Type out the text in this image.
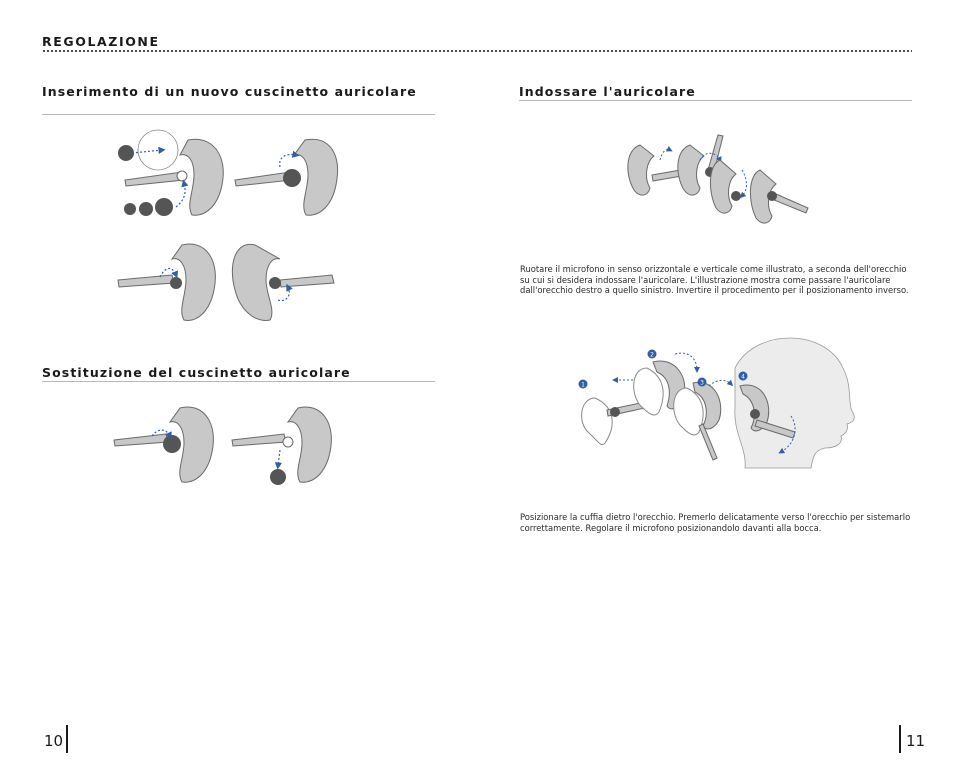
REGOLAZIONE
Inserimento di un nuovo cuscinetto auricolare
Sostituzione del cuscinetto auricolare
Indossare l'auricolare
Ruotare il microfono in senso orizzontale e verticale come illustrato, a seconda dell'orecchio su cui si desidera indossare l'auricolare. L'illustrazione mostra come passare l'auricolare dall'orecchio destro a quello sinistro. Invertire il procedimento per il posizionamento inverso.
Posizionare la cuffia dietro l'orecchio. Premerlo delicatamente verso l'orecchio per sistemarlo correttamente. Regolare il microfono posizionandolo davanti alla bocca.
10	11
1
2
3
4
